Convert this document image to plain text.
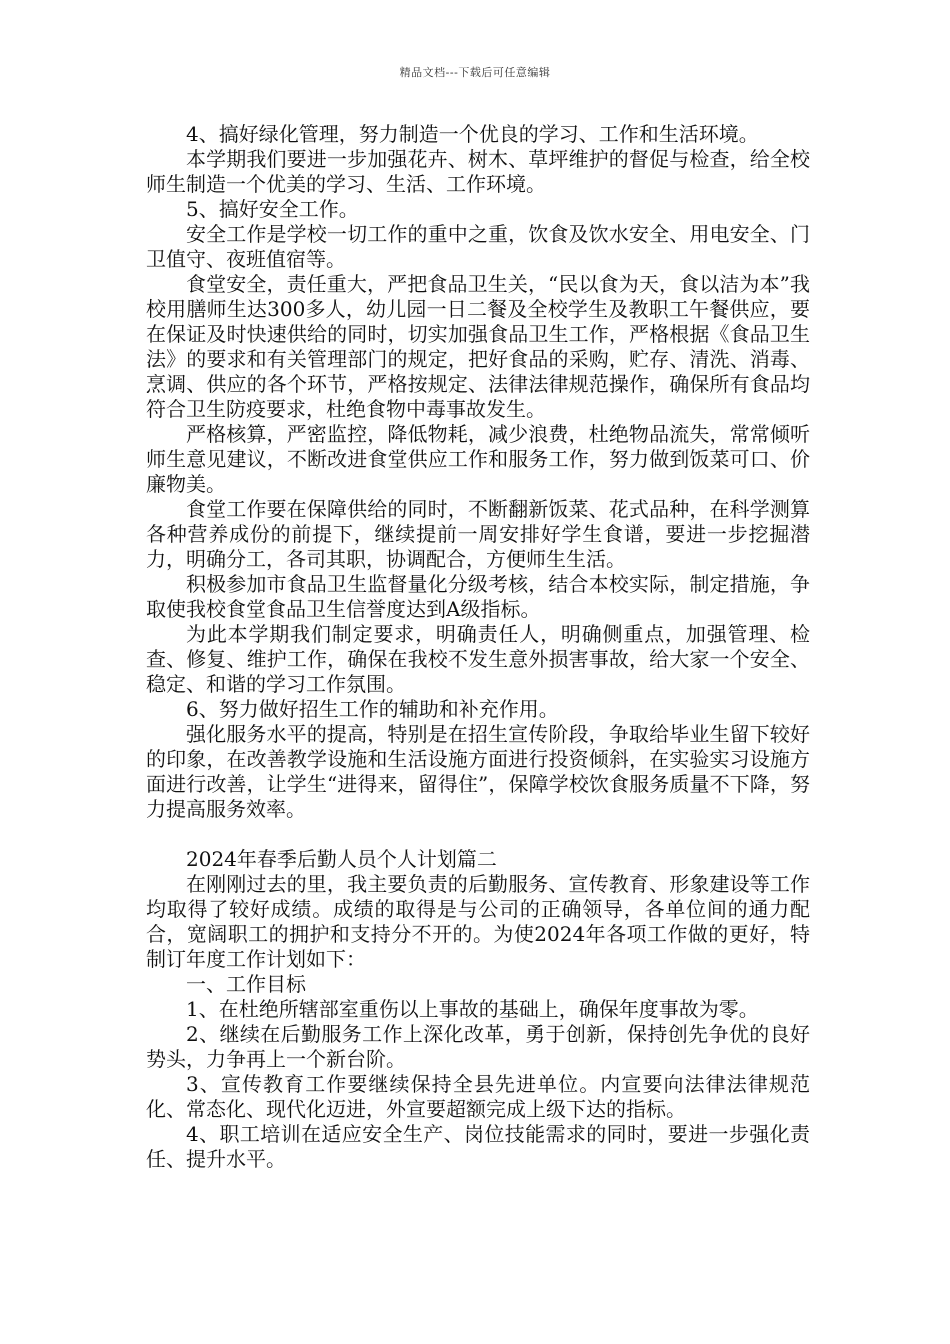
精品文档---下载后可任意编辑

4、搞好绿化管理，努力制造一个优良的学习、工作和生活环境。

本学期我们要进一步加强花卉、树木、草坪维护的督促与检查，给全校师生制造一个优美的学习、生活、工作环境。

5、搞好安全工作。

安全工作是学校一切工作的重中之重，饮食及饮水安全、用电安全、门卫值守、夜班值宿等。

食堂安全，责任重大，严把食品卫生关，“民以食为天，食以洁为本”我校用膳师生达300多人，幼儿园一日二餐及全校学生及教职工午餐供应，要在保证及时快速供给的同时，切实加强食品卫生工作，严格根据《食品卫生法》的要求和有关管理部门的规定，把好食品的采购，贮存、清洗、消毒、烹调、供应的各个环节，严格按规定、法律法律规范操作，确保所有食品均符合卫生防疫要求，杜绝食物中毒事故发生。

严格核算，严密监控，降低物耗，减少浪费，杜绝物品流失，常常倾听师生意见建议，不断改进食堂供应工作和服务工作，努力做到饭菜可口、价廉物美。

食堂工作要在保障供给的同时，不断翻新饭菜、花式品种，在科学测算各种营养成份的前提下，继续提前一周安排好学生食谱，要进一步挖掘潜力，明确分工，各司其职，协调配合，方便师生生活。

积极参加市食品卫生监督量化分级考核，结合本校实际，制定措施，争取使我校食堂食品卫生信誉度达到A级指标。

为此本学期我们制定要求，明确责任人，明确侧重点，加强管理、检查、修复、维护工作，确保在我校不发生意外损害事故，给大家一个安全、稳定、和谐的学习工作氛围。

6、努力做好招生工作的辅助和补充作用。

强化服务水平的提高，特别是在招生宣传阶段，争取给毕业生留下较好的印象，在改善教学设施和生活设施方面进行投资倾斜，在实验实习设施方面进行改善，让学生“进得来，留得住”，保障学校饮食服务质量不下降，努力提高服务效率。

2024年春季后勤人员个人计划篇二

在刚刚过去的里，我主要负责的后勤服务、宣传教育、形象建设等工作均取得了较好成绩。成绩的取得是与公司的正确领导，各单位间的通力配合，宽阔职工的拥护和支持分不开的。为使2024年各项工作做的更好，特制订年度工作计划如下：

一、工作目标

1、在杜绝所辖部室重伤以上事故的基础上，确保年度事故为零。

2、继续在后勤服务工作上深化改革，勇于创新，保持创先争优的良好势头，力争再上一个新台阶。

3、宣传教育工作要继续保持全县先进单位。内宣要向法律法律规范化、常态化、现代化迈进，外宣要超额完成上级下达的指标。

4、职工培训在适应安全生产、岗位技能需求的同时，要进一步强化责任、提升水平。
